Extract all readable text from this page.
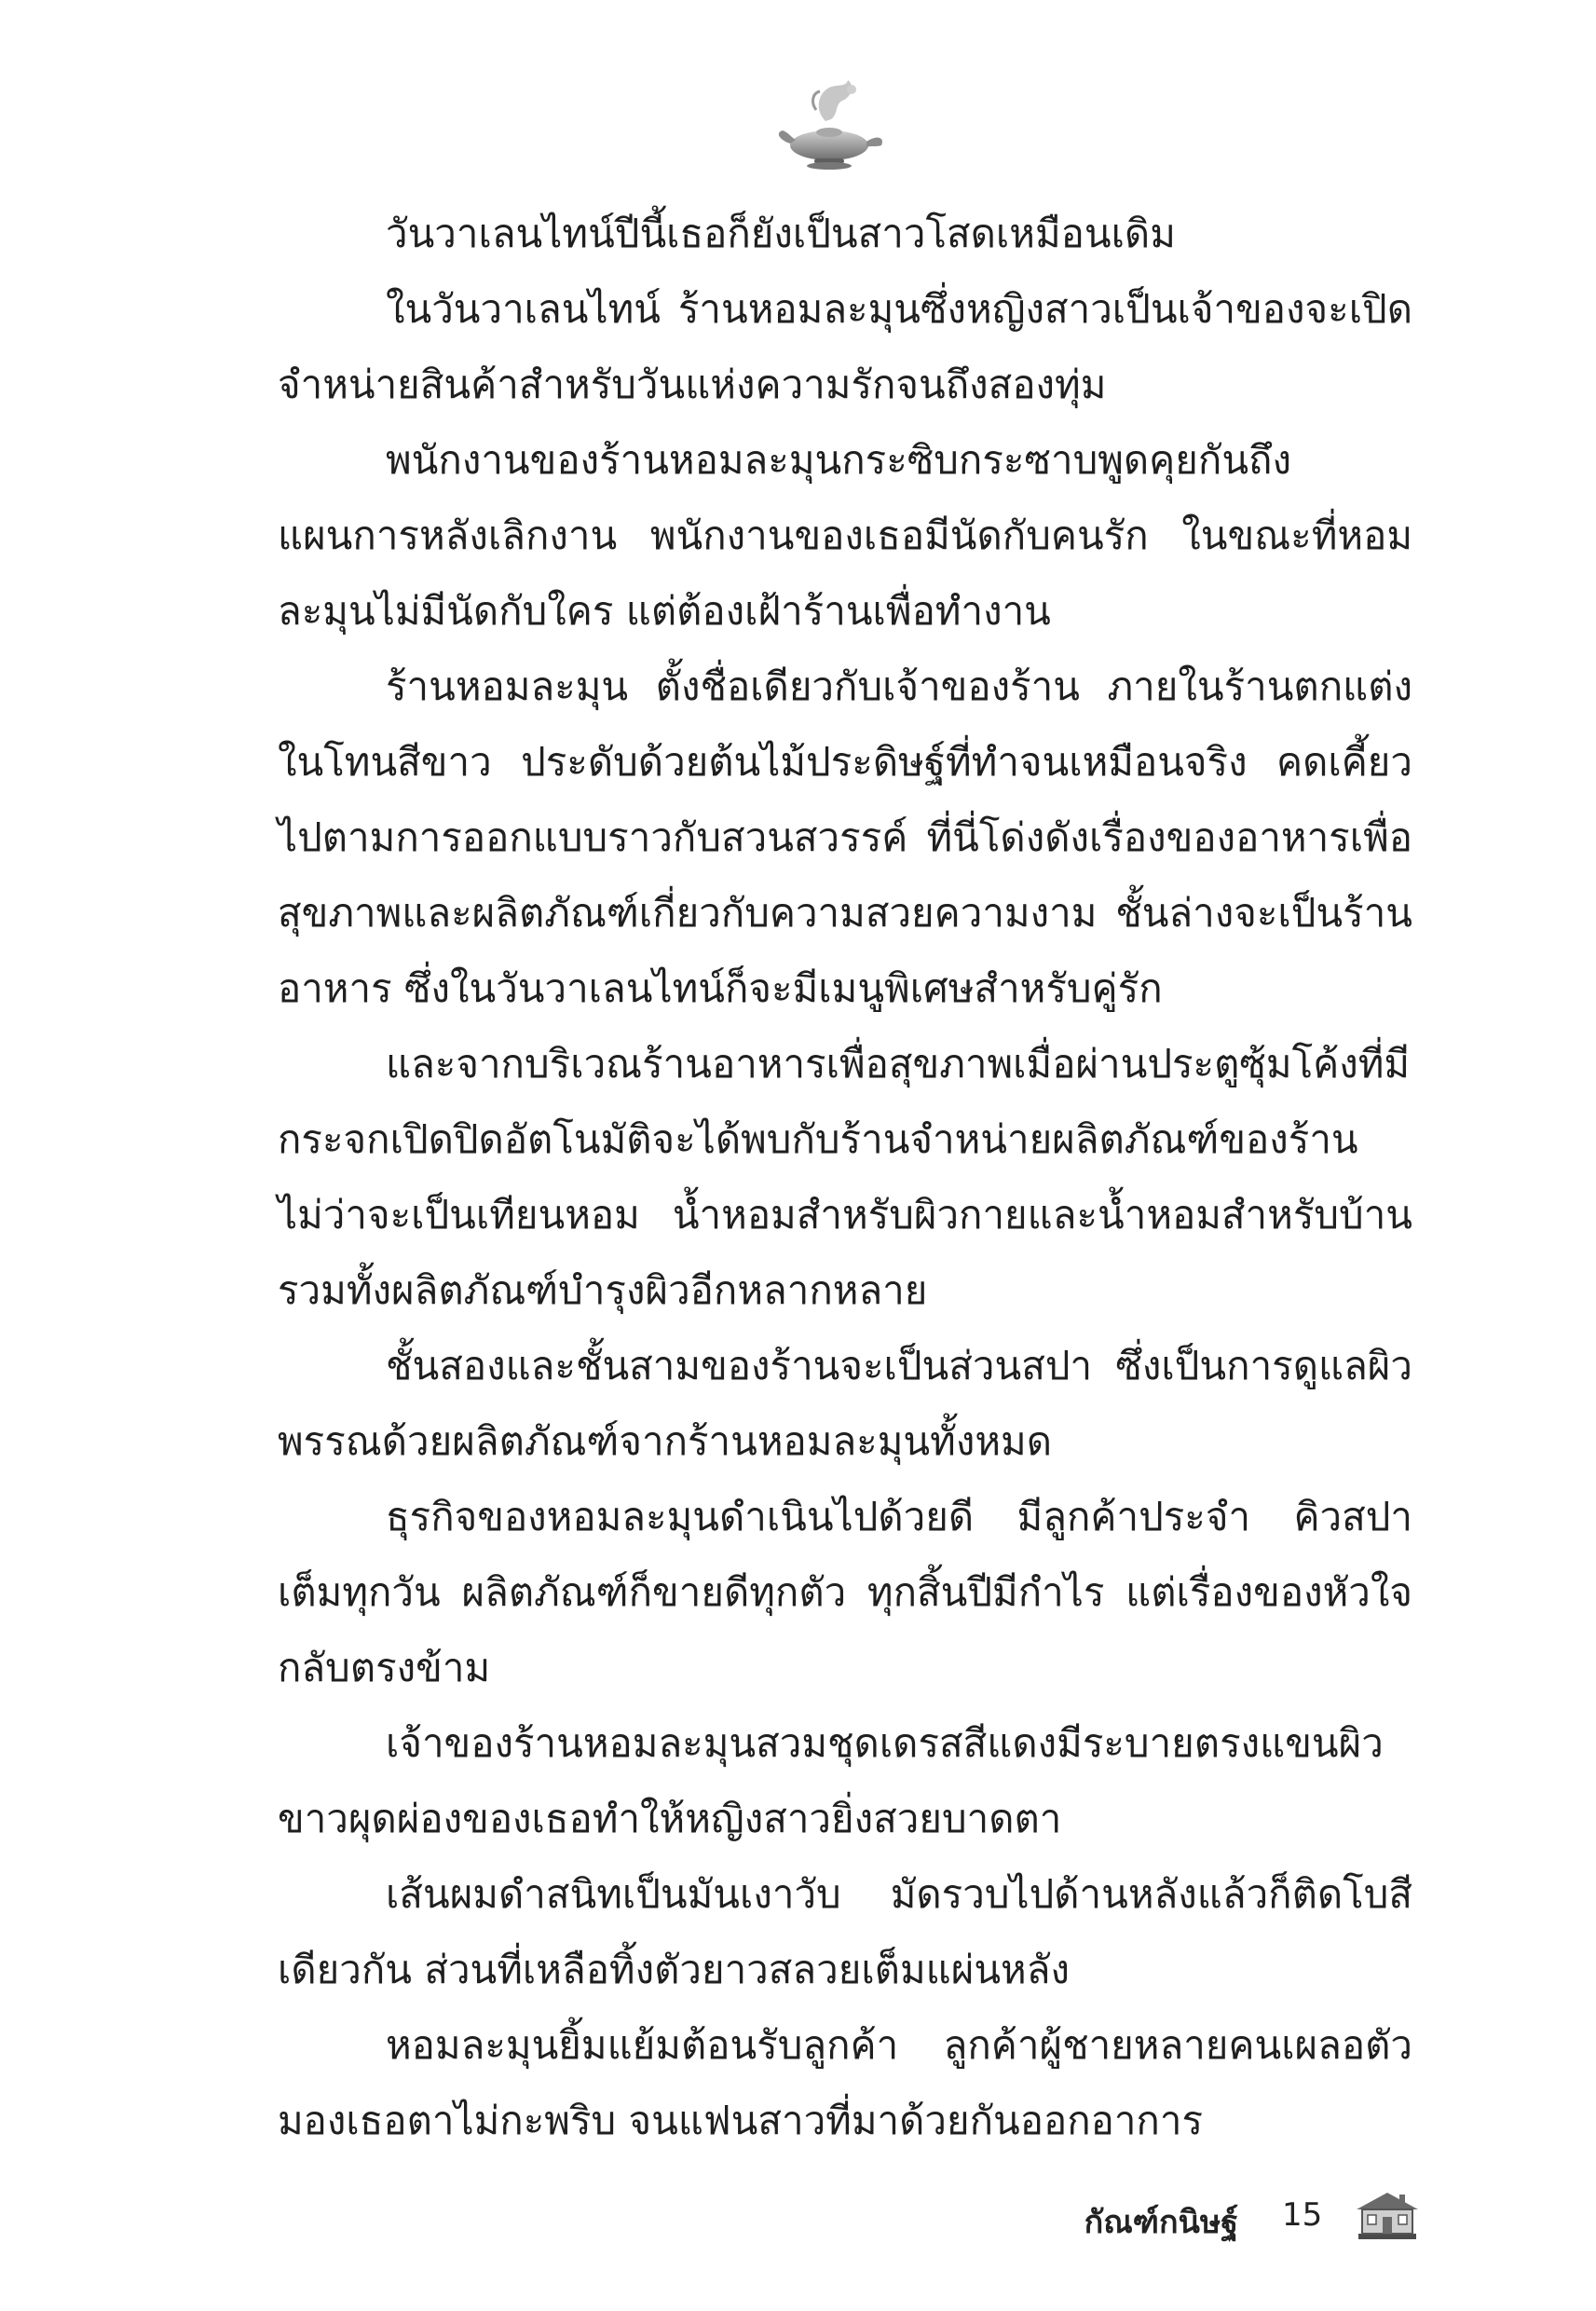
วันวาเลนไทน์ปีนี้เธอก็ยังเป็นสาวโสดเหมือนเดิม

ในวันวาเลนไทน์ ร้านหอมละมุนซึ่งหญิงสาวเป็นเจ้าของจะเปิดจำหน่ายสินค้าสำหรับวันแห่งความรักจนถึงสองทุ่ม

พนักงานของร้านหอมละมุนกระซิบกระซาบพูดคุยกันถึงแผนการหลังเลิกงาน พนักงานของเธอมีนัดกับคนรัก ในขณะที่หอมละมุนไม่มีนัดกับใคร แต่ต้องเฝ้าร้านเพื่อทำงาน

ร้านหอมละมุน ตั้งชื่อเดียวกับเจ้าของร้าน ภายในร้านตกแต่งในโทนสีขาว ประดับด้วยต้นไม้ประดิษฐ์ที่ทำจนเหมือนจริง คดเคี้ยวไปตามการออกแบบราวกับสวนสวรรค์ ที่นี่โด่งดังเรื่องของอาหารเพื่อสุขภาพและผลิตภัณฑ์เกี่ยวกับความสวยความงาม ชั้นล่างจะเป็นร้านอาหาร ซึ่งในวันวาเลนไทน์ก็จะมีเมนูพิเศษสำหรับคู่รัก

และจากบริเวณร้านอาหารเพื่อสุขภาพเมื่อผ่านประตูซุ้มโค้งที่มีกระจกเปิดปิดอัตโนมัติจะได้พบกับร้านจำหน่ายผลิตภัณฑ์ของร้าน ไม่ว่าจะเป็นเทียนหอม น้ำหอมสำหรับผิวกายและน้ำหอมสำหรับบ้าน รวมทั้งผลิตภัณฑ์บำรุงผิวอีกหลากหลาย

ชั้นสองและชั้นสามของร้านจะเป็นส่วนสปา ซึ่งเป็นการดูแลผิวพรรณด้วยผลิตภัณฑ์จากร้านหอมละมุนทั้งหมด

ธุรกิจของหอมละมุนดำเนินไปด้วยดี มีลูกค้าประจำ คิวสปาเต็มทุกวัน ผลิตภัณฑ์ก็ขายดีทุกตัว ทุกสิ้นปีมีกำไร แต่เรื่องของหัวใจกลับตรงข้าม

เจ้าของร้านหอมละมุนสวมชุดเดรสสีแดงมีระบายตรงแขนผิวขาวผุดผ่องของเธอทำให้หญิงสาวยิ่งสวยบาดตา

เส้นผมดำสนิทเป็นมันเงาวับ มัดรวบไปด้านหลังแล้วก็ติดโบสีเดียวกัน ส่วนที่เหลือทิ้งตัวยาวสลวยเต็มแผ่นหลัง

หอมละมุนยิ้มแย้มต้อนรับลูกค้า ลูกค้าผู้ชายหลายคนเผลอตัวมองเธอตาไม่กะพริบ จนแฟนสาวที่มาด้วยกันออกอาการ

กัณฑ์กนิษฐ์ 15
